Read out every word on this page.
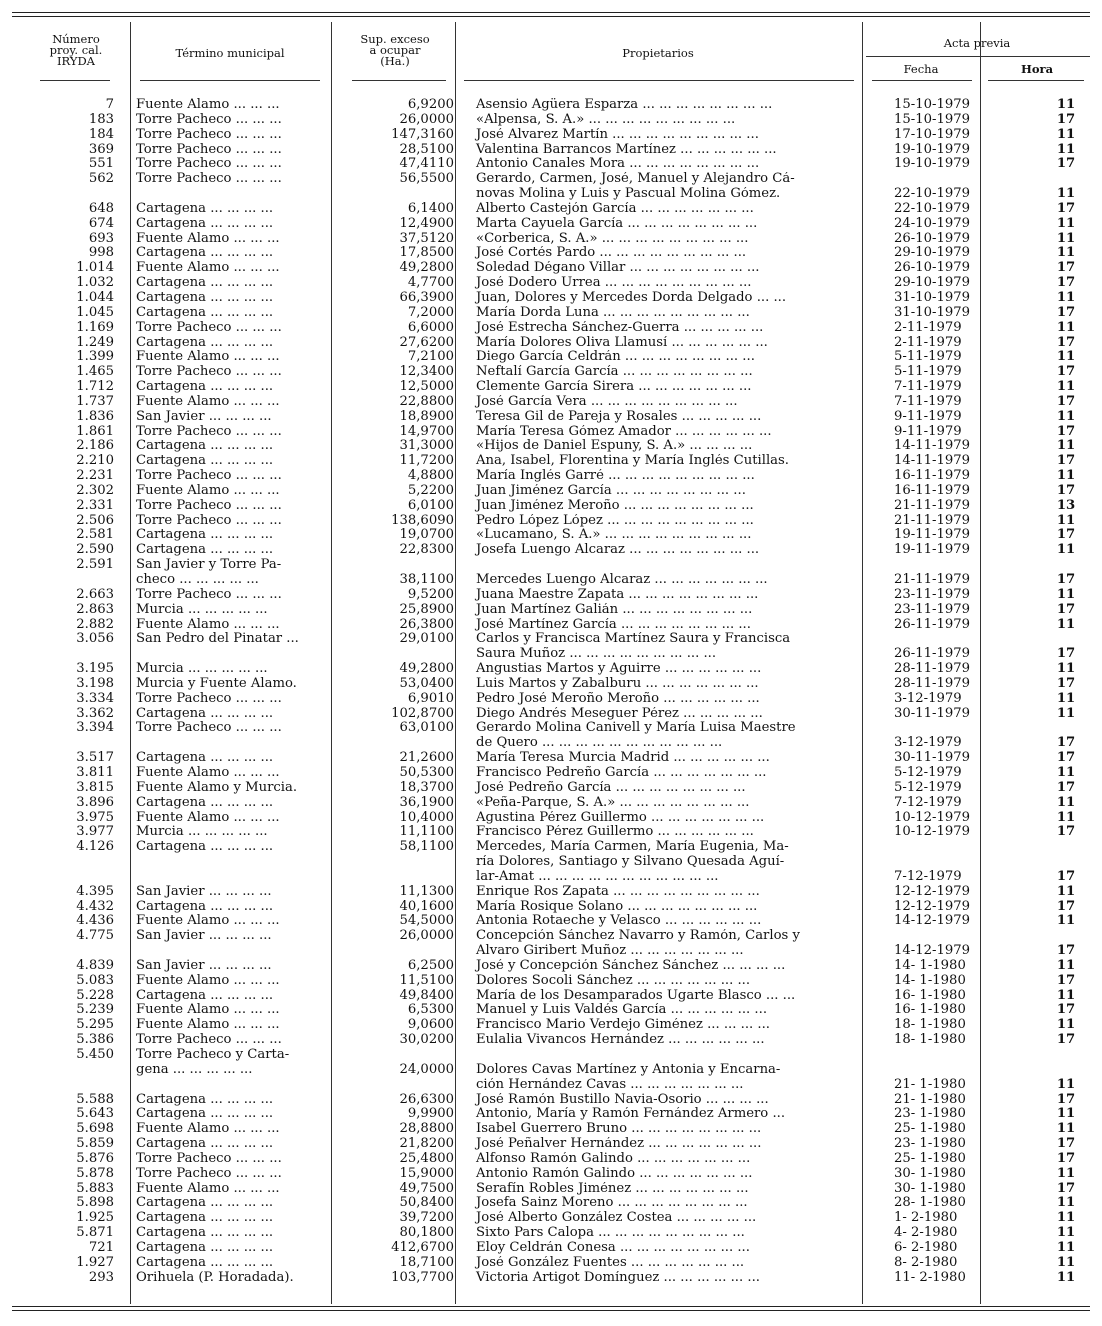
Número
proy. cal.
IRYDA
Término municipal
Sup. exceso
a ocupar
(Ha.)
Propietarios
Acta previa
Fecha	Hora
7	Fuente Alamo ... ... ...	6,9200	Asensio Agüera Esparza ... ... ... ... ... ... ... ...	15-10-1979	11
183	Torre Pacheco ... ... ...	26,0000	«Alpensa, S. A.» ... ... ... ... ... ... ... ... ...	15-10-1979	17
184	Torre Pacheco ... ... ...	147,3160	José Alvarez Martín ... ... ... ... ... ... ... ... ...	17-10-1979	11
369	Torre Pacheco ... ... ...	28,5100	Valentina Barrancos Martínez ... ... ... ... ... ...	19-10-1979	11
551	Torre Pacheco ... ... ...	47,4110	Antonio Canales Mora ... ... ... ... ... ... ... ...	19-10-1979	17
562	Torre Pacheco ... ... ...	56,5500	Gerardo, Carmen, José, Manuel y Alejandro Cá-		
			novas Molina y Luis y Pascual Molina Gómez.	22-10-1979	11
648	Cartagena ... ... ... ...	6,1400	Alberto Castejón García ... ... ... ... ... ... ...	22-10-1979	17
674	Cartagena ... ... ... ...	12,4900	Marta Cayuela García ... ... ... ... ... ... ... ...	24-10-1979	11
693	Fuente Alamo ... ... ...	37,5120	«Corberica, S. A.» ... ... ... ... ... ... ... ... ...	26-10-1979	11
998	Cartagena ... ... ... ...	17,8500	José Cortés Pardo ... ... ... ... ... ... ... ... ...	29-10-1979	11
1.014	Fuente Alamo ... ... ...	49,2800	Soledad Dégano Villar ... ... ... ... ... ... ... ...	26-10-1979	17
1.032	Cartagena ... ... ... ...	4,7700	José Dodero Urrea ... ... ... ... ... ... ... ... ...	29-10-1979	17
1.044	Cartagena ... ... ... ...	66,3900	Juan, Dolores y Mercedes Dorda Delgado ... ...	31-10-1979	11
1.045	Cartagena ... ... ... ...	7,2000	María Dorda Luna ... ... ... ... ... ... ... ... ...	31-10-1979	17
1.169	Torre Pacheco ... ... ...	6,6000	José Estrecha Sánchez-Guerra ... ... ... ... ...	2-11-1979	11
1.249	Cartagena ... ... ... ...	27,6200	María Dolores Oliva Llamusí ... ... ... ... ... ...	2-11-1979	17
1.399	Fuente Alamo ... ... ...	7,2100	Diego García Celdrán ... ... ... ... ... ... ... ...	5-11-1979	11
1.465	Torre Pacheco ... ... ...	12,3400	Neftalí García García ... ... ... ... ... ... ... ...	5-11-1979	17
1.712	Cartagena ... ... ... ...	12,5000	Clemente García Sirera ... ... ... ... ... ... ...	7-11-1979	11
1.737	Fuente Alamo ... ... ...	22,8800	José García Vera ... ... ... ... ... ... ... ... ...	7-11-1979	17
1.836	San Javier ... ... ... ...	18,8900	Teresa Gil de Pareja y Rosales ... ... ... ... ...	9-11-1979	11
1.861	Torre Pacheco ... ... ...	14,9700	María Teresa Gómez Amador ... ... ... ... ... ...	9-11-1979	17
2.186	Cartagena ... ... ... ...	31,3000	«Hijos de Daniel Espuny, S. A.» ... ... ... ...	14-11-1979	11
2.210	Cartagena ... ... ... ...	11,7200	Ana, Isabel, Florentina y María Inglés Cutillas.	14-11-1979	17
2.231	Torre Pacheco ... ... ...	4,8800	María Inglés Garré ... ... ... ... ... ... ... ... ...	16-11-1979	11
2.302	Fuente Alamo ... ... ...	5,2200	Juan Jiménez García ... ... ... ... ... ... ... ...	16-11-1979	17
2.331	Torre Pacheco ... ... ...	6,0100	Juan Jiménez Meroño ... ... ... ... ... ... ... ...	21-11-1979	13
2.506	Torre Pacheco ... ... ...	138,6090	Pedro López López ... ... ... ... ... ... ... ... ...	21-11-1979	11
2.581	Cartagena ... ... ... ...	19,0700	«Lucamano, S. A.» ... ... ... ... ... ... ... ... ...	19-11-1979	17
2.590	Cartagena ... ... ... ...	22,8300	Josefa Luengo Alcaraz ... ... ... ... ... ... ... ...	19-11-1979	11
2.591	San Javier y Torre Pa-				
	checo ... ... ... ... ...	38,1100	Mercedes Luengo Alcaraz ... ... ... ... ... ... ...	21-11-1979	17
2.663	Torre Pacheco ... ... ...	9,5200	Juana Maestre Zapata ... ... ... ... ... ... ... ...	23-11-1979	11
2.863	Murcia ... ... ... ... ...	25,8900	Juan Martínez Galián ... ... ... ... ... ... ... ...	23-11-1979	17
2.882	Fuente Alamo ... ... ...	26,3800	José Martínez García ... ... ... ... ... ... ... ...	26-11-1979	11
3.056	San Pedro del Pinatar ...	29,0100	Carlos y Francisca Martínez Saura y Francisca		
			Saura Muñoz ... ... ... ... ... ... ... ... ...	26-11-1979	17
3.195	Murcia ... ... ... ... ...	49,2800	Angustias Martos y Aguirre ... ... ... ... ... ...	28-11-1979	11
3.198	Murcia y Fuente Alamo.	53,0400	Luis Martos y Zabalburu ... ... ... ... ... ... ...	28-11-1979	17
3.334	Torre Pacheco ... ... ...	6,9010	Pedro José Meroño Meroño ... ... ... ... ... ...	3-12-1979	11
3.362	Cartagena ... ... ... ...	102,8700	Diego Andrés Meseguer Pérez ... ... ... ... ...	30-11-1979	11
3.394	Torre Pacheco ... ... ...	63,0100	Gerardo Molina Canivell y María Luisa Maestre		
			de Quero ... ... ... ... ... ... ... ... ... ... ...	3-12-1979	17
3.517	Cartagena ... ... ... ...	21,2600	María Teresa Murcia Madrid ... ... ... ... ... ...	30-11-1979	17
3.811	Fuente Alamo ... ... ...	50,5300	Francisco Pedreño García ... ... ... ... ... ... ...	5-12-1979	11
3.815	Fuente Alamo y Murcia.	18,3700	José Pedreño García ... ... ... ... ... ... ... ...	5-12-1979	17
3.896	Cartagena ... ... ... ...	36,1900	«Peña-Parque, S. A.» ... ... ... ... ... ... ... ...	7-12-1979	11
3.975	Fuente Alamo ... ... ...	10,4000	Agustina Pérez Guillermo ... ... ... ... ... ... ...	10-12-1979	11
3.977	Murcia ... ... ... ... ...	11,1100	Francisco Pérez Guillermo ... ... ... ... ... ...	10-12-1979	17
4.126	Cartagena ... ... ... ...	58,1100	Mercedes, María Carmen, María Eugenia, Ma-		
			ría Dolores, Santiago y Silvano Quesada Aguí-		
			lar-Amat ... ... ... ... ... ... ... ... ... ... ...	7-12-1979	17
4.395	San Javier ... ... ... ...	11,1300	Enrique Ros Zapata ... ... ... ... ... ... ... ... ...	12-12-1979	11
4.432	Cartagena ... ... ... ...	40,1600	María Rosique Solano ... ... ... ... ... ... ... ...	12-12-1979	17
4.436	Fuente Alamo ... ... ...	54,5000	Antonia Rotaeche y Velasco ... ... ... ... ... ...	14-12-1979	11
4.775	San Javier ... ... ... ...	26,0000	Concepción Sánchez Navarro y Ramón, Carlos y		
			Alvaro Giribert Muñoz ... ... ... ... ... ... ...	14-12-1979	17
4.839	San Javier ... ... ... ...	6,2500	José y Concepción Sánchez Sánchez ... ... ... ...	14- 1-1980	11
5.083	Fuente Alamo ... ... ...	11,5100	Dolores Socoli Sánchez ... ... ... ... ... ... ...	14- 1-1980	17
5.228	Cartagena ... ... ... ...	49,8400	María de los Desamparados Ugarte Blasco ... ...	16- 1-1980	11
5.239	Fuente Alamo ... ... ...	6,5300	Manuel y Luis Valdés García ... ... ... ... ... ...	16- 1-1980	17
5.295	Fuente Alamo ... ... ...	9,0600	Francisco Mario Verdejo Giménez ... ... ... ...	18- 1-1980	11
5.386	Torre Pacheco ... ... ...	30,0200	Eulalia Vivancos Hernández ... ... ... ... ... ...	18- 1-1980	17
5.450	Torre Pacheco y Carta-				
	gena ... ... ... ... ...	24,0000	Dolores Cavas Martínez y Antonia y Encarna-		
			ción Hernández Cavas ... ... ... ... ... ... ...	21- 1-1980	11
5.588	Cartagena ... ... ... ...	26,6300	José Ramón Bustillo Navia-Osorio ... ... ... ...	21- 1-1980	17
5.643	Cartagena ... ... ... ...	9,9900	Antonio, María y Ramón Fernández Armero ...	23- 1-1980	11
5.698	Fuente Alamo ... ... ...	28,8800	Isabel Guerrero Bruno ... ... ... ... ... ... ... ...	25- 1-1980	11
5.859	Cartagena ... ... ... ...	21,8200	José Peñalver Hernández ... ... ... ... ... ... ...	23- 1-1980	17
5.876	Torre Pacheco ... ... ...	25,4800	Alfonso Ramón Galindo ... ... ... ... ... ... ...	25- 1-1980	17
5.878	Torre Pacheco ... ... ...	15,9000	Antonio Ramón Galindo ... ... ... ... ... ... ...	30- 1-1980	11
5.883	Fuente Alamo ... ... ...	49,7500	Serafín Robles Jiménez ... ... ... ... ... ... ...	30- 1-1980	17
5.898	Cartagena ... ... ... ...	50,8400	Josefa Sainz Moreno ... ... ... ... ... ... ... ...	28- 1-1980	11
1.925	Cartagena ... ... ... ...	39,7200	José Alberto González Costea ... ... ... ... ...	1- 2-1980	11
5.871	Cartagena ... ... ... ...	80,1800	Sixto Pars Calopa ... ... ... ... ... ... ... ... ...	4- 2-1980	11
721	Cartagena ... ... ... ...	412,6700	Eloy Celdrán Conesa ... ... ... ... ... ... ... ...	6- 2-1980	11
1.927	Cartagena ... ... ... ...	18,7100	José González Fuentes ... ... ... ... ... ... ...	8- 2-1980	11
293	Orihuela (P. Horadada).	103,7700	Victoria Artigot Domínguez ... ... ... ... ... ...	11- 2-1980	11
